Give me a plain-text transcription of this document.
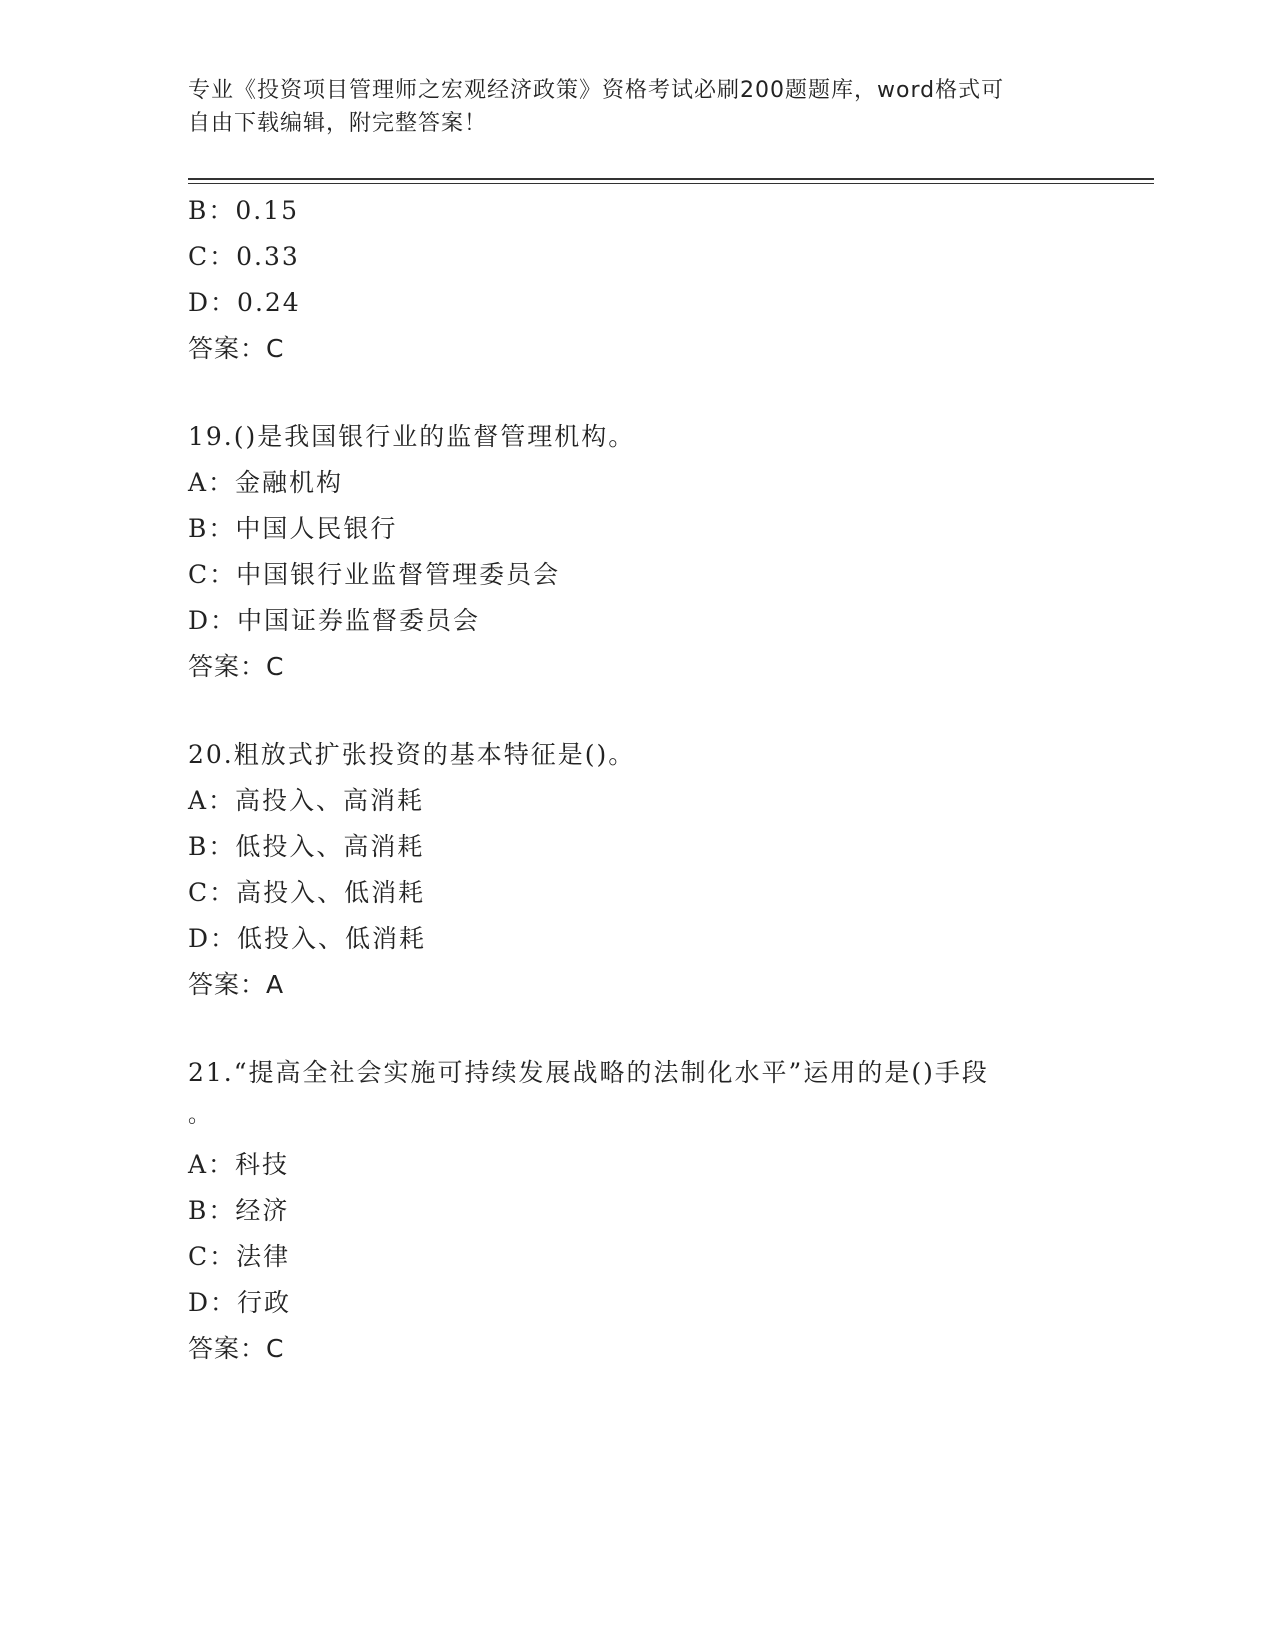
专业《投资项目管理师之宏观经济政策》资格考试必刷200题题库，word格式可
自由下载编辑，附完整答案！
B：0.15
C：0.33
D：0.24
答案：C
19.()是我国银行业的监督管理机构。
A：金融机构
B：中国人民银行
C：中国银行业监督管理委员会
D：中国证券监督委员会
答案：C
20.粗放式扩张投资的基本特征是()。
A：高投入、高消耗
B：低投入、高消耗
C：高投入、低消耗
D：低投入、低消耗
答案：A
21.“提高全社会实施可持续发展战略的法制化水平”运用的是()手段
。
A：科技
B：经济
C：法律
D：行政
答案：C
